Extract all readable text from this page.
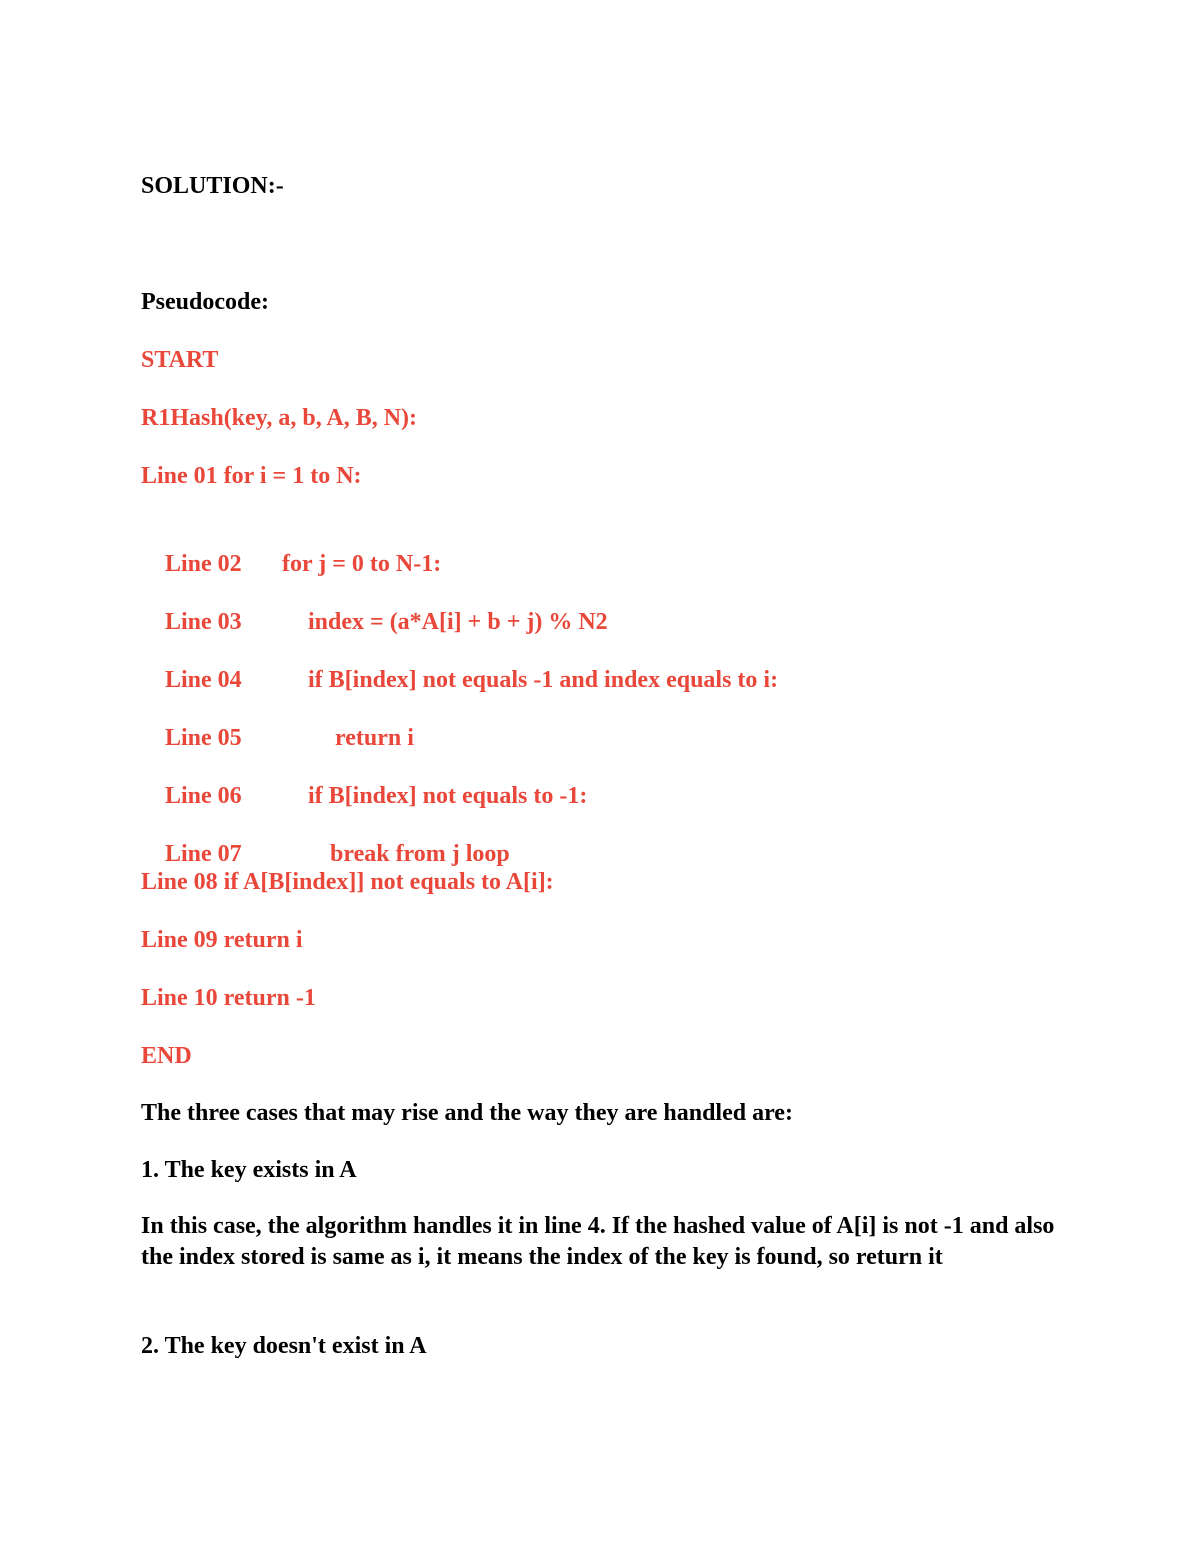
SOLUTION:-
Pseudocode:
START
R1Hash(key, a, b, A, B, N):
Line 01 for i = 1 to N:

Line 02 for j = 0 to N-1:

Line 03	index = (a*A[i] + b + j) % N2

Line 04	if B[index] not equals -1 and index equals to i:

Line 05	return i

Line 06	if B[index] not equals to -1:

Line 07	break from j loop

Line 08 if A[B[index]] not equals to A[i]:
Line 09 return i
Line 10 return -1
END
The three cases that may rise and the way they are handled are:
1. The key exists in A
In this case, the algorithm handles it in line 4. If the hashed value of A[i] is not -1 and also the index stored is same as i, it means the index of the key is found, so return it
2. The key doesn't exist in A
